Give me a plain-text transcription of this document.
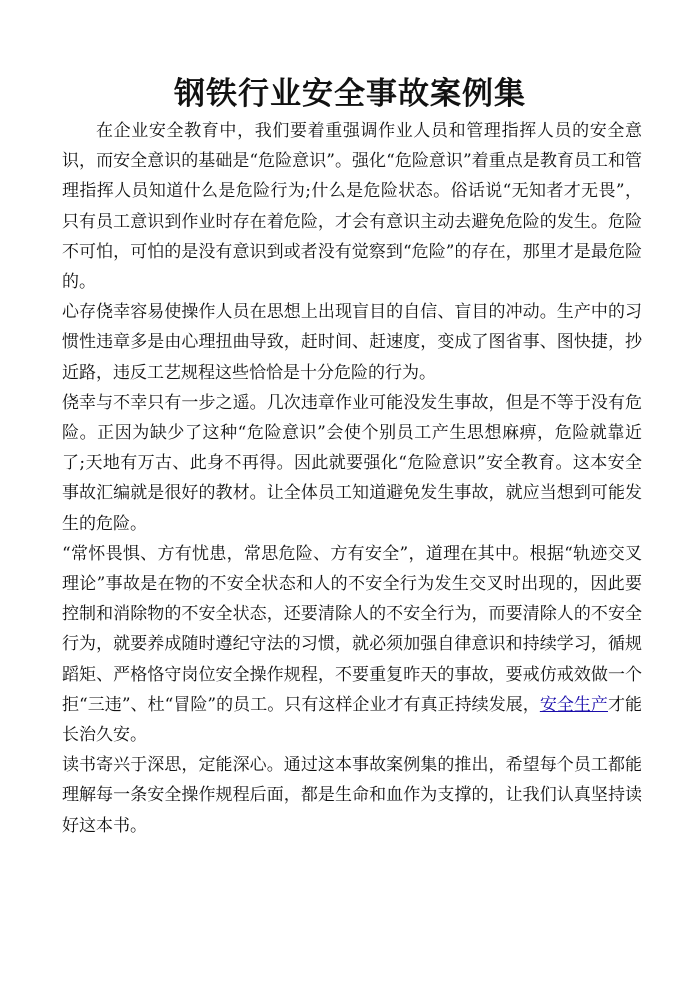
钢铁行业安全事故案例集

在企业安全教育中，我们要着重强调作业人员和管理指挥人员的安全意识，而安全意识的基础是“危险意识”。强化“危险意识”着重点是教育员工和管理指挥人员知道什么是危险行为;什么是危险状态。俗话说“无知者才无畏”，只有员工意识到作业时存在着危险，才会有意识主动去避免危险的发生。危险不可怕，可怕的是没有意识到或者没有觉察到“危险”的存在，那里才是最危险的。

心存侥幸容易使操作人员在思想上出现盲目的自信、盲目的冲动。生产中的习惯性违章多是由心理扭曲导致，赶时间、赶速度，变成了图省事、图快捷，抄近路，违反工艺规程这些恰恰是十分危险的行为。

侥幸与不幸只有一步之遥。几次违章作业可能没发生事故，但是不等于没有危险。正因为缺少了这种“危险意识”会使个别员工产生思想麻痹，危险就靠近了;天地有万古、此身不再得。因此就要强化“危险意识”安全教育。这本安全事故汇编就是很好的教材。让全体员工知道避免发生事故，就应当想到可能发生的危险。

“常怀畏惧、方有忧患，常思危险、方有安全”，道理在其中。根据“轨迹交叉理论”事故是在物的不安全状态和人的不安全行为发生交叉时出现的，因此要控制和消除物的不安全状态，还要清除人的不安全行为，而要清除人的不安全行为，就要养成随时遵纪守法的习惯，就必须加强自律意识和持续学习，循规蹈矩、严格恪守岗位安全操作规程，不要重复昨天的事故，要戒仿戒效做一个拒“三违”、杜“冒险”的员工。只有这样企业才有真正持续发展，安全生产才能长治久安。

读书寄兴于深思，定能深心。通过这本事故案例集的推出，希望每个员工都能理解每一条安全操作规程后面，都是生命和血作为支撑的，让我们认真坚持读好这本书。
